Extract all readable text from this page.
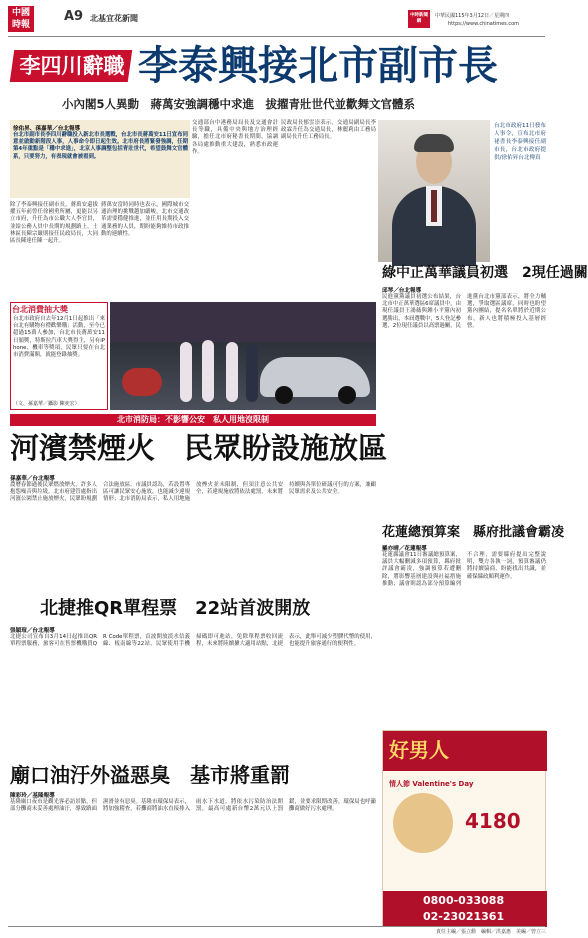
中國
時報
A9 北基宜花新聞	中時新聞網
中華民國115年3月12日／星期四
https://www.chinatimes.com
李四川辭職 李泰興接北市副市長
小內閣5人異動　蔣萬安強調穩中求進　拔擢青壯世代並歡舞文官體系
徐佑昇、孫嘉華／台北報導
台北市副市長李四川辭職投入新北市長選戰，台北市長蔣萬安11日宣布同意並啟動新階段人事，人事命令即日起生效。北市府長將緊發強調，任期第4年重點是「穩中求進」，北京人事調整包括青壯世代，希望鼓舞文官體系，只要努力，有表現就會被看到。
除了李泰興接任副市長，蔣萬安還拔擢五年前曾任徐國勇所屬，更能以另立市府，升任為市公職大人李官員，並給公務人員中長期的規劃路上，士林區長陳宗嚴則接任民政局長，大同區長陳達任陳一起升。
蔣萬安當時同時也表示，國際城市交通治理的挑戰越加嚴峻，北市交通改革需要穩健推進，並任用長期投入交通業務的人員，期盼能夠維持市政推動的連續性。
交通部台中港務局局長及交通會計長等職，具備中央與地方治理經驗，擔任北市府秘書長期間，協調各局處推動重大建設，熟悉市政運作。
民政局長郁雲崇表示，交通局副局長李政霖升任為交通局長，林麗莉由工務局副局長升任工務局長。
台北市政府11日發布人事令，宣布北市府祕書長李泰興接任副市長，台北市政府提供/徐佑昇台北傳真
台北消費抽大獎
台北市政府自去年12月1日起推出「來台北有購物有禮歡樂購」活動，至今已超過15萬人參加，台北市長蔣萬安11日頒獎，特斯拉汽車大獎得主，另有iPhone、機車等獎項，民眾只要在台北市消費滿額，就能登錄抽獎。
（文、孫嘉華／攝影 陳奕宏）
北市消防局：不影響公安　私人用地沒限制
河濱禁煙火　民眾盼設施放區
孫嘉華／台北報導
農曆春節過後民眾燃放煙火，許多人抱怨噪音與垃圾，北市府建管處指出河濱公園禁止施放煙火，民眾盼規劃合法施放區。市議員認為，若設置專區可讓民眾安心施放，也能減少違規情形；北市消防局表示，私人用地施放煙火並未限制，但須注意公共安全，若違規施放將依法處罰，未來將持續與各單位研議可行的方案，兼顧民眾需求及公共安全。
北捷推QR單程票　22站首波開放
張穎瑄／台北報導
北捷公司宣布自3月14日起推出QR單程票服務，旅客可在售票機購買QR Code單程票，首波開放淡水信義線、板南線等22站，民眾使用手機掃碼即可進站，免除單程票收回流程，未來將陸續擴大適用站點，北捷表示，此舉可減少塑膠代幣的使用，也能提升旅客通行的便利性。
廟口油汙外溢惡臭　基市將重罰
陳彩玲／基隆報導
基隆廟口夜市是觀光客必訪景點，但部分攤商未妥善處理油汙，導致路面濕滑並有惡臭。基隆市環保局表示，將加強稽查，若攤商將油水直接排入雨水下水道，將依水污染防治法開罰，最高可處新台幣2萬元以上罰鍰，並要求限期改善，環保局也呼籲攤商做好污水處理。
綠中正萬華議員初選　2現任過關
邱琴／台北報導
民進黨黨議員初選公布結果，台北市中正萬華選區6席議員中，由現任議員王鴻薇與鍾小平黨內初選勝出，本屆選戰中，5人登記參選，2位現任議員以高票過關，民進黨台北市黨部表示，將全力輔選，爭取選區議席，同時也盼望黨內團結，提名名單將於近期公布，新人也將積極投入基層經營。
花蓮總預算案　縣府批議會霸凌
羅亦晴／花蓮報導
花蓮縣議會11日審議總預算案，議員大幅刪減多項預算，縣府批評議會霸凌，強調預算若遭刪除，將影響基層建設與社福措施推動；議會則認為部分預算編列不合理，需要縣府提出完整說明，雙方各執一詞，預算審議仍將持續協商，盼能找出共識，並確保縣政順利運作。
好男人
情人節 Valentine's Day
4180
0800-033088
02-23021361
責任主編／張立勳　編輯／洪嘉惠　美編／曾立三
